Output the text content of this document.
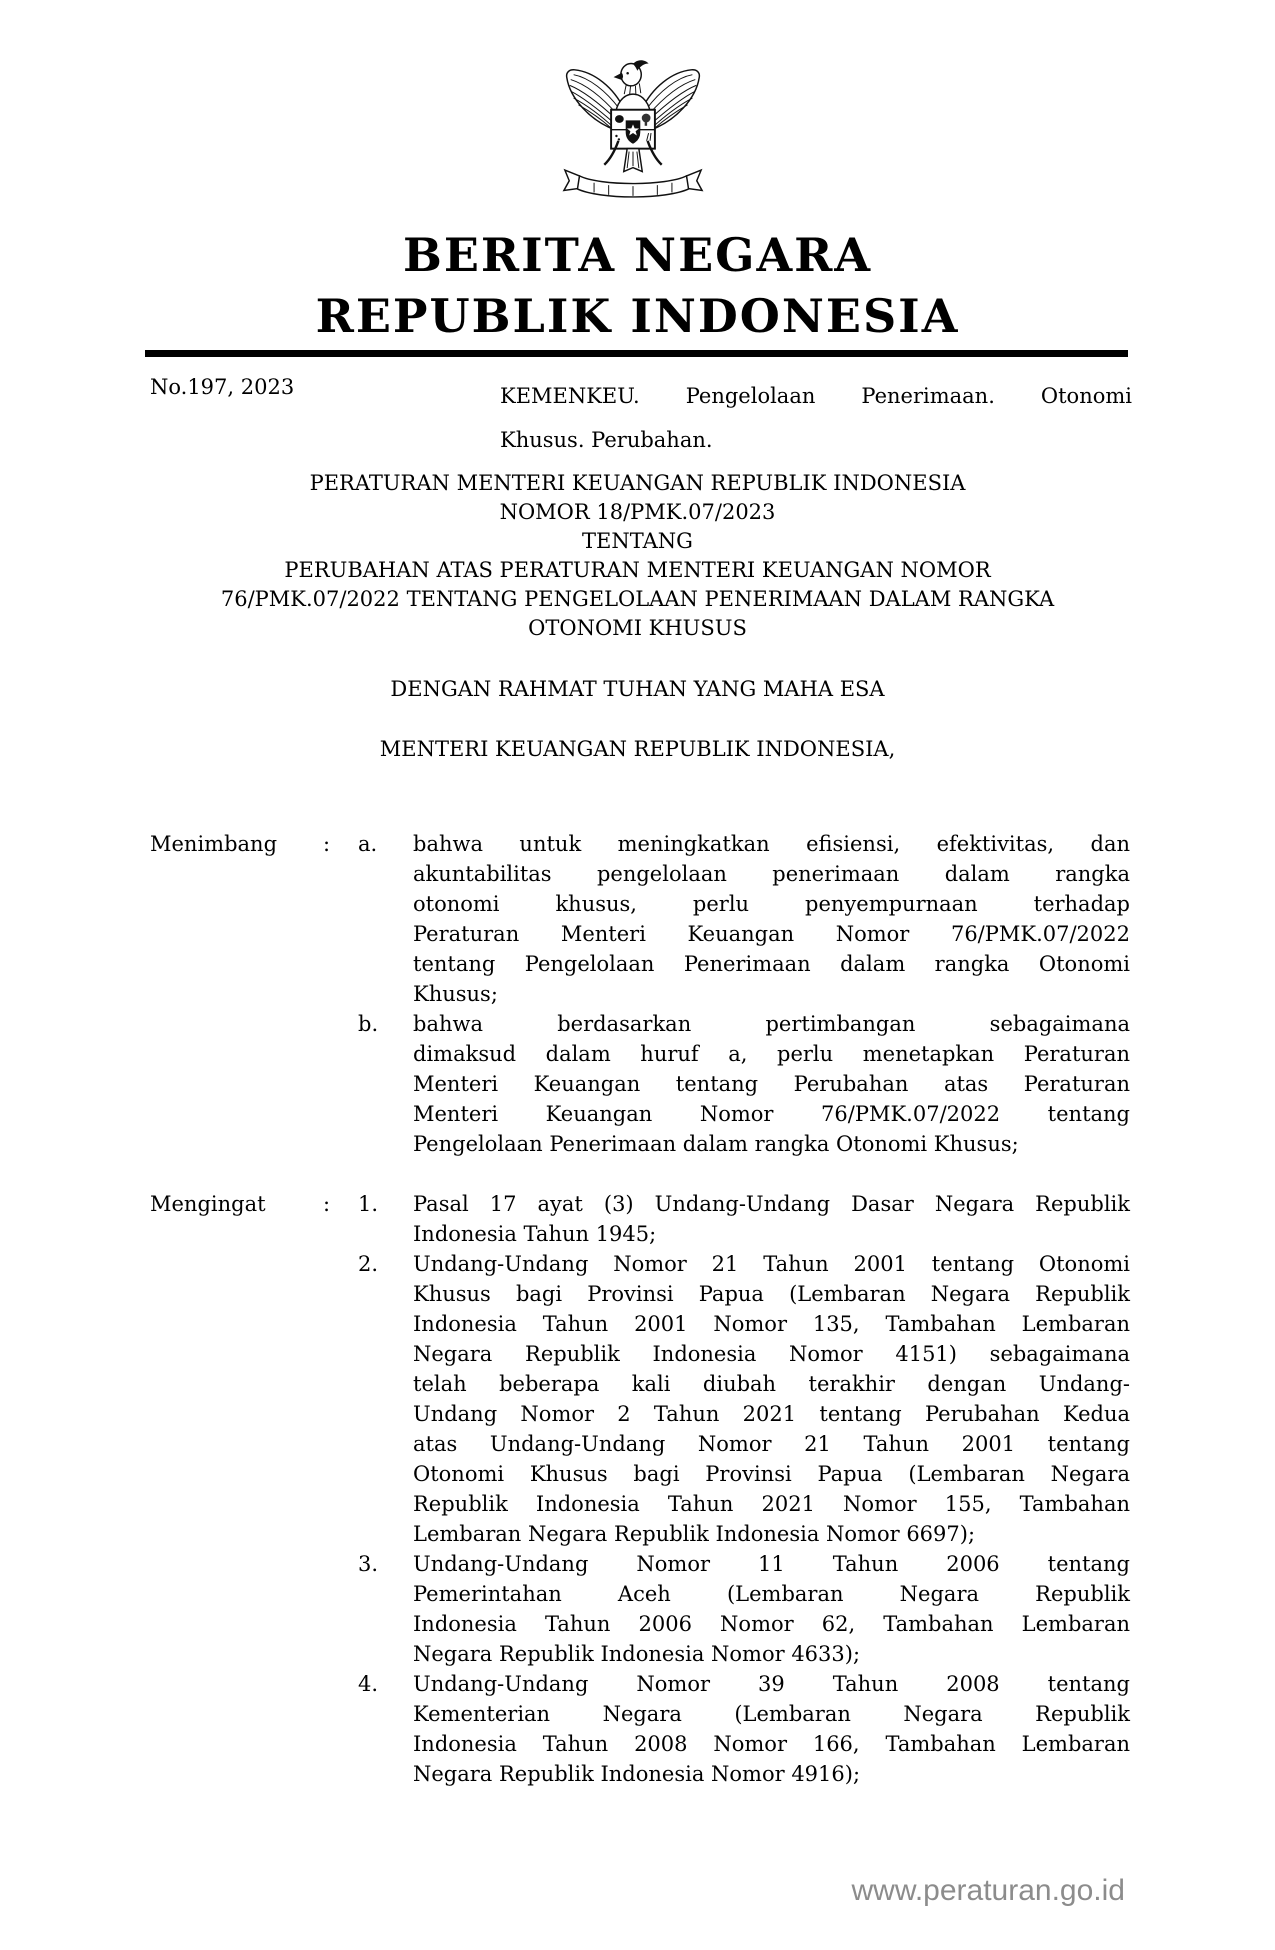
BERITA NEGARA
REPUBLIK INDONESIA
No.197, 2023	KEMENKEU. Pengelolaan Penerimaan. Otonomi
Khusus. Perubahan.
PERATURAN MENTERI KEUANGAN REPUBLIK INDONESIA
NOMOR 18/PMK.07/2023
TENTANG
PERUBAHAN ATAS PERATURAN MENTERI KEUANGAN NOMOR
76/PMK.07/2022 TENTANG PENGELOLAAN PENERIMAAN DALAM RANGKA
OTONOMI KHUSUS
DENGAN RAHMAT TUHAN YANG MAHA ESA
MENTERI KEUANGAN REPUBLIK INDONESIA,
Menimbang : a. bahwa untuk meningkatkan efisiensi, efektivitas, dan
akuntabilitas pengelolaan penerimaan dalam rangka
otonomi khusus, perlu penyempurnaan terhadap
Peraturan Menteri Keuangan Nomor 76/PMK.07/2022
tentang Pengelolaan Penerimaan dalam rangka Otonomi
Khusus;
b. bahwa berdasarkan pertimbangan sebagaimana
dimaksud dalam huruf a, perlu menetapkan Peraturan
Menteri Keuangan tentang Perubahan atas Peraturan
Menteri Keuangan Nomor 76/PMK.07/2022 tentang
Pengelolaan Penerimaan dalam rangka Otonomi Khusus;
Mengingat	: 1. Pasal 17 ayat (3) Undang-Undang Dasar Negara Republik
Indonesia Tahun 1945;
2. Undang-Undang Nomor 21 Tahun 2001 tentang Otonomi
Khusus bagi Provinsi Papua (Lembaran Negara Republik
Indonesia Tahun 2001 Nomor 135, Tambahan Lembaran
Negara Republik Indonesia Nomor 4151) sebagaimana
telah beberapa kali diubah terakhir dengan Undang-
Undang Nomor 2 Tahun 2021 tentang Perubahan Kedua
atas Undang-Undang Nomor 21 Tahun 2001 tentang
Otonomi Khusus bagi Provinsi Papua (Lembaran Negara
Republik Indonesia Tahun 2021 Nomor 155, Tambahan
Lembaran Negara Republik Indonesia Nomor 6697);
3. Undang-Undang Nomor 11 Tahun 2006 tentang
Pemerintahan Aceh (Lembaran Negara Republik
Indonesia Tahun 2006 Nomor 62, Tambahan Lembaran
Negara Republik Indonesia Nomor 4633);
4. Undang-Undang Nomor 39 Tahun 2008 tentang
Kementerian Negara (Lembaran Negara Republik
Indonesia Tahun 2008 Nomor 166, Tambahan Lembaran
Negara Republik Indonesia Nomor 4916);
www.peraturan.go.id
